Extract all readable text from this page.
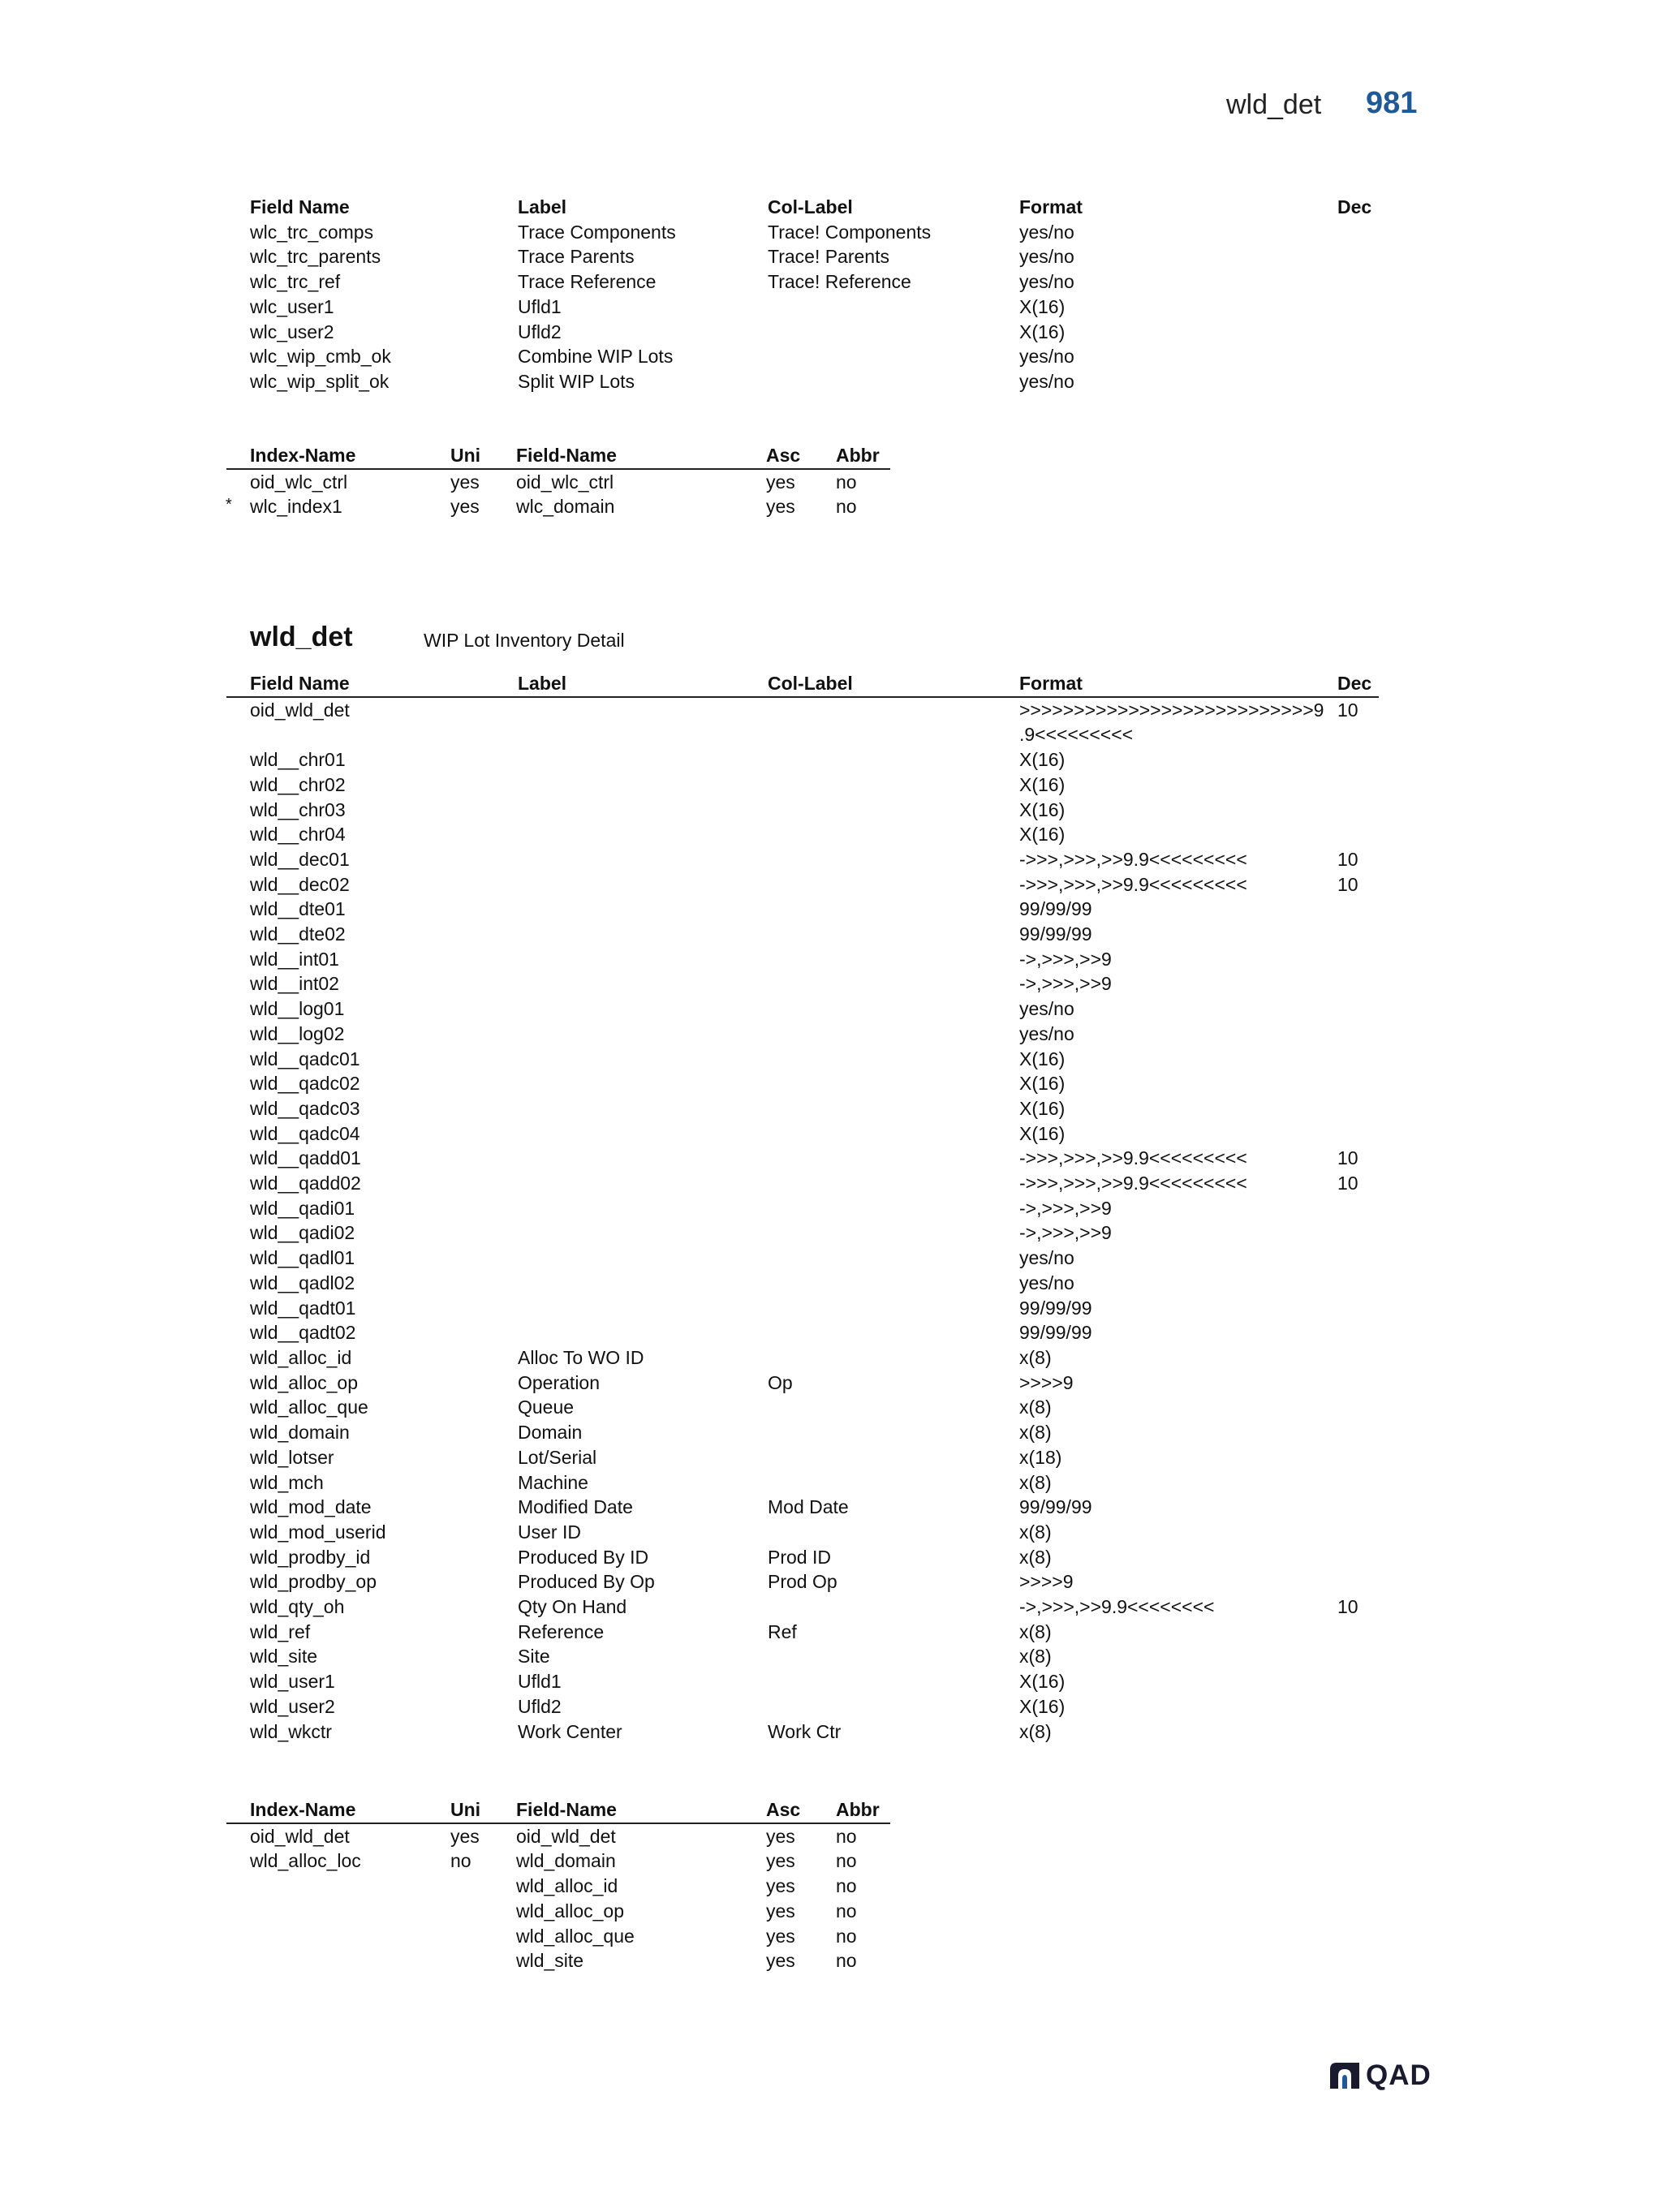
wld_det 981
Field Name	Label	Col-Label	Format	Dec
wlc_trc_comps	Trace Components	Trace! Components	yes/no	
wlc_trc_parents	Trace Parents	Trace! Parents	yes/no	
wlc_trc_ref	Trace Reference	Trace! Reference	yes/no	
wlc_user1	Ufld1		X(16)	
wlc_user2	Ufld2		X(16)	
wlc_wip_cmb_ok	Combine WIP Lots		yes/no	
wlc_wip_split_ok	Split WIP Lots		yes/no	
*
	Index-Name	Uni	Field-Name	Asc	Abbr
	oid_wlc_ctrl	yes	oid_wlc_ctrl	yes	no
	wlc_index1	yes	wlc_domain	yes	no
wld_det	WIP Lot Inventory Detail
	Field Name	Label	Col-Label	Format	Dec
	oid_wld_det			>>>>>>>>>>>>>>>>>>>>>>>>>>>9	10
				.9<<<<<<<<<	
	wld__chr01			X(16)	
	wld__chr02			X(16)	
	wld__chr03			X(16)	
	wld__chr04			X(16)	
	wld__dec01			->>>,>>>,>>9.9<<<<<<<<<	10
	wld__dec02			->>>,>>>,>>9.9<<<<<<<<<	10
	wld__dte01			99/99/99	
	wld__dte02			99/99/99	
	wld__int01			->,>>>,>>9	
	wld__int02			->,>>>,>>9	
	wld__log01			yes/no	
	wld__log02			yes/no	
	wld__qadc01			X(16)	
	wld__qadc02			X(16)	
	wld__qadc03			X(16)	
	wld__qadc04			X(16)	
	wld__qadd01			->>>,>>>,>>9.9<<<<<<<<<	10
	wld__qadd02			->>>,>>>,>>9.9<<<<<<<<<	10
	wld__qadi01			->,>>>,>>9	
	wld__qadi02			->,>>>,>>9	
	wld__qadl01			yes/no	
	wld__qadl02			yes/no	
	wld__qadt01			99/99/99	
	wld__qadt02			99/99/99	
	wld_alloc_id	Alloc To WO ID		x(8)	
	wld_alloc_op	Operation	Op	>>>>9	
	wld_alloc_que	Queue		x(8)	
	wld_domain	Domain		x(8)	
	wld_lotser	Lot/Serial		x(18)	
	wld_mch	Machine		x(8)	
	wld_mod_date	Modified Date	Mod Date	99/99/99	
	wld_mod_userid	User ID		x(8)	
	wld_prodby_id	Produced By ID	Prod ID	x(8)	
	wld_prodby_op	Produced By Op	Prod Op	>>>>9	
	wld_qty_oh	Qty On Hand		->,>>>,>>9.9<<<<<<<<	10
	wld_ref	Reference	Ref	x(8)	
	wld_site	Site		x(8)	
	wld_user1	Ufld1		X(16)	
	wld_user2	Ufld2		X(16)	
	wld_wkctr	Work Center	Work Ctr	x(8)	
	Index-Name	Uni	Field-Name	Asc	Abbr
	oid_wld_det	yes	oid_wld_det	yes	no
	wld_alloc_loc	no	wld_domain	yes	no
			wld_alloc_id	yes	no
			wld_alloc_op	yes	no
			wld_alloc_que	yes	no
			wld_site	yes	no
QAD
